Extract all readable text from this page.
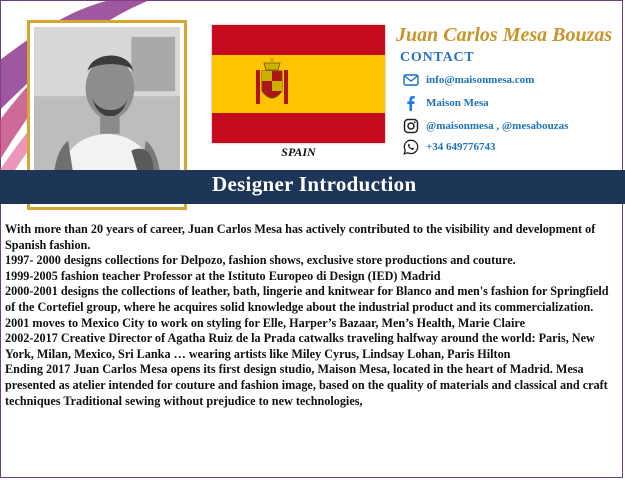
SPAIN
Juan Carlos Mesa Bouzas
CONTACT
info@maisonmesa.com
Maison Mesa
@maisonmesa , @mesabouzas
+34 649776743
Designer Introduction

With more than 20 years of career, Juan Carlos Mesa has actively contributed to the visibility and development of Spanish fashion.

1997- 2000 designs collections for Delpozo, fashion shows, exclusive store productions and couture.

1999-2005 fashion teacher Professor at the Istituto Europeo di Design (IED) Madrid

2000-2001 designs the collections of leather, bath, lingerie and knitwear for Blanco and men's fashion for Springfield of the Cortefiel group, where he acquires solid knowledge about the industrial product and its commercialization.

2001 moves to Mexico City to work on styling for Elle, Harper’s Bazaar, Men’s Health, Marie Claire

2002-2017 Creative Director of Agatha Ruiz de la Prada catwalks traveling halfway around the world: Paris, New York, Milan, Mexico, Sri Lanka … wearing artists like Miley Cyrus, Lindsay Lohan, Paris Hilton

Ending 2017 Juan Carlos Mesa opens its first design studio, Maison Mesa, located in the heart of Madrid. Mesa presented as atelier intended for couture and fashion image, based on the quality of materials and classical and craft techniques Traditional sewing without prejudice to new technologies,
